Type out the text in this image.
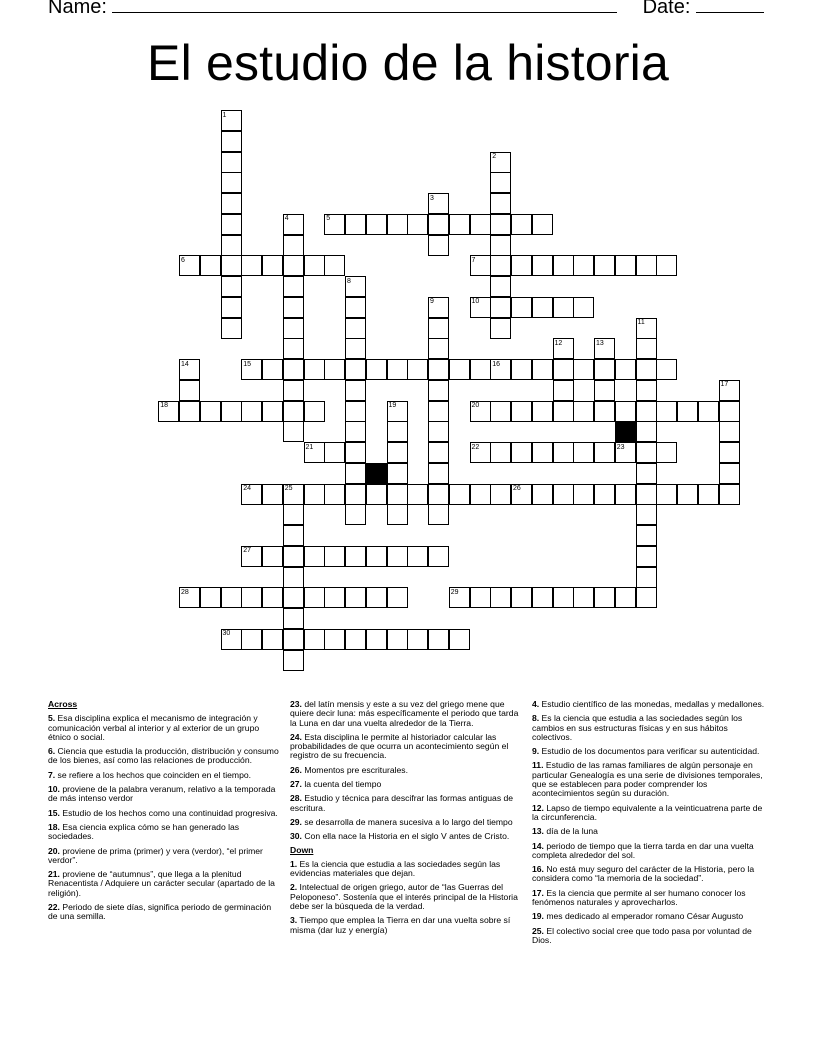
Name:	Date:
El estudio de la historia
5
6	7
10
15	16
18	20
21	22	23
24	26
27
28	29
30
1
2
3
4
8
9
11
12	13
14
17
19
25

Across

5. Esa disciplina explica el mecanismo de integración y comunicación verbal al interior y al exterior de un grupo étnico o social.

6. Ciencia que estudia la producción, distribución y consumo de los bienes, así como las relaciones de producción.

7. se refiere a los hechos que coinciden en el tiempo.

10. proviene de la palabra veranum, relativo a la temporada de más intenso verdor

15. Estudio de los hechos como una continuidad progresiva.

18. Esa ciencia explica cómo se han generado las sociedades.

20. proviene de prima (primer) y vera (verdor), “el primer verdor”.

21. proviene de “autumnus”, que llega a la plenitud Renacentista / Adquiere un carácter secular (apartado de la religión).

22. Periodo de siete días, significa periodo de germinación de una semilla.

23. del latín mensis y este a su vez del griego mene que quiere decir luna: más específicamente el periodo que tarda la Luna en dar una vuelta alrededor de la Tierra.

24. Esta disciplina le permite al historiador calcular las probabilidades de que ocurra un acontecimiento según el registro de su frecuencia.

26. Momentos pre escriturales.

27. la cuenta del tiempo

28. Estudio y técnica para descifrar las formas antiguas de escritura.

29. se desarrolla de manera sucesiva a lo largo del tiempo

30. Con ella nace la Historia en el siglo V antes de Cristo.

Down

1. Es la ciencia que estudia a las sociedades según las evidencias materiales que dejan.

2. Intelectual de origen griego, autor de “las Guerras del Peloponeso”. Sostenía que el interés principal de la Historia debe ser la búsqueda de la verdad.

3. Tiempo que emplea la Tierra en dar una vuelta sobre sí misma (dar luz y energía)

4. Estudio científico de las monedas, medallas y medallones.

8. Es la ciencia que estudia a las sociedades según los cambios en sus estructuras físicas y en sus hábitos colectivos.

9. Estudio de los documentos para verificar su autenticidad.

11. Estudio de las ramas familiares de algún personaje en particular Genealogía es una serie de divisiones temporales, que se establecen para poder comprender los acontecimientos según su duración.

12. Lapso de tiempo equivalente a la veinticuatrena parte de la circunferencia.

13. día de la luna

14. periodo de tiempo que la tierra tarda en dar una vuelta completa alrededor del sol.

16. No está muy seguro del carácter de la Historia, pero la considera como “la memoria de la sociedad”.

17. Es la ciencia que permite al ser humano conocer los fenómenos naturales y aprovecharlos.

19. mes dedicado al emperador romano César Augusto

25. El colectivo social cree que todo pasa por voluntad de Dios.
